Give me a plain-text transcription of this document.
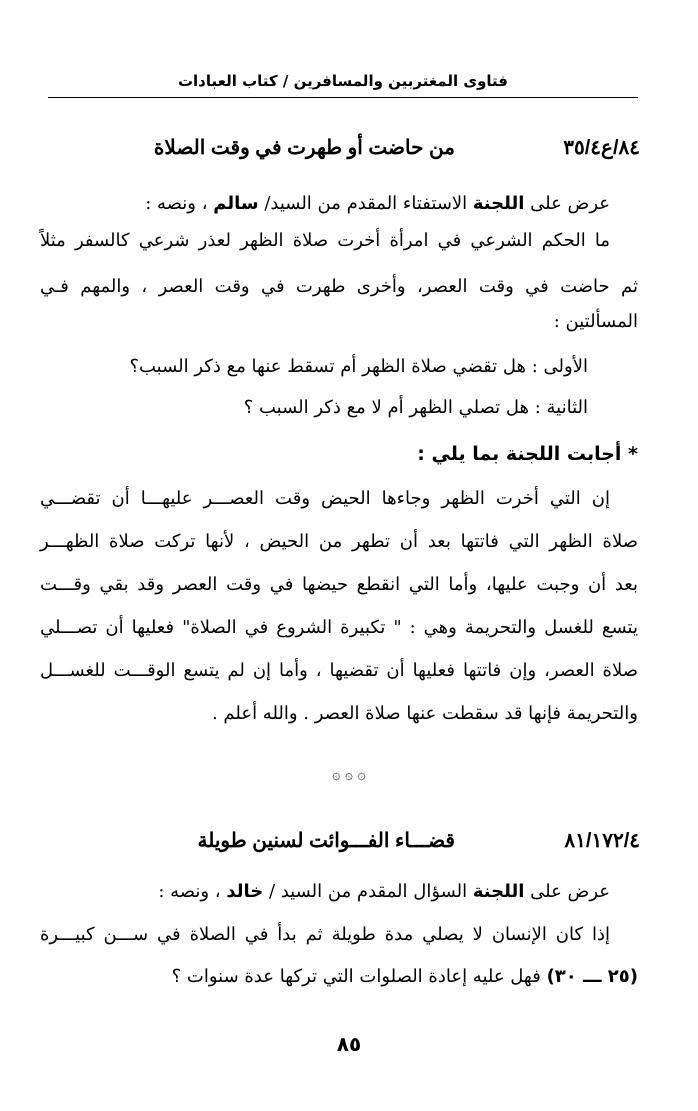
فتاوى المغتربين والمسافرين / كتاب العبادات
٨٤/ع٣٥/٤
من حاضت أو طهرت في وقت الصلاة
عرض على اللجنة الاستفتاء المقدم من السيد/ سالم ، ونصه :
ما الحكم الشرعي في امرأة أخرت صلاة الظهر لعذر شرعي كالسفر مثلاً
ثم حاضت في وقت العصر، وأخرى طهرت في وقت العصر ، والمهم فـي
المسألتين :
الأولى : هل تقضي صلاة الظهر أم تسقط عنها مع ذكر السبب؟
الثانية : هل تصلي الظهر أم لا مع ذكر السبب ؟
* أجابت اللجنة بما يلي :
إن التي أخرت الظهر وجاءها الحيض وقت العصـــر عليهـــا أن تقضـــي
صلاة الظهر التي فاتتها بعد أن تطهر من الحيض ، لأنها تركت صلاة الظهـــر
بعد أن وجبت عليها، وأما التي انقطع حيضها في وقت العصر وقد بقي وقـــت
يتسع للغسل والتحريمة وهي : " تكبيرة الشروع في الصلاة" فعليها أن تصـــلي
صلاة العصر، وإن فاتتها فعليها أن تقضيها ، وأما إن لم يتسع الوقـــت للغســـل
والتحريمة فإنها قد سقطت عنها صلاة العصر . والله أعلم .
۞ ۞ ۞
٨١/١٧٢/٤
قضـــاء الفـــوائت لسنين طويلة
عرض على اللجنة السؤال المقدم من السيد / خالد ، ونصه :
إذا كان الإنسان لا يصلي مدة طويلة ثم بدأ في الصلاة في ســـن كبيـــرة
(٢٥ ـــ ٣٠) فهل عليه إعادة الصلوات التي تركها عدة سنوات ؟
٨٥
